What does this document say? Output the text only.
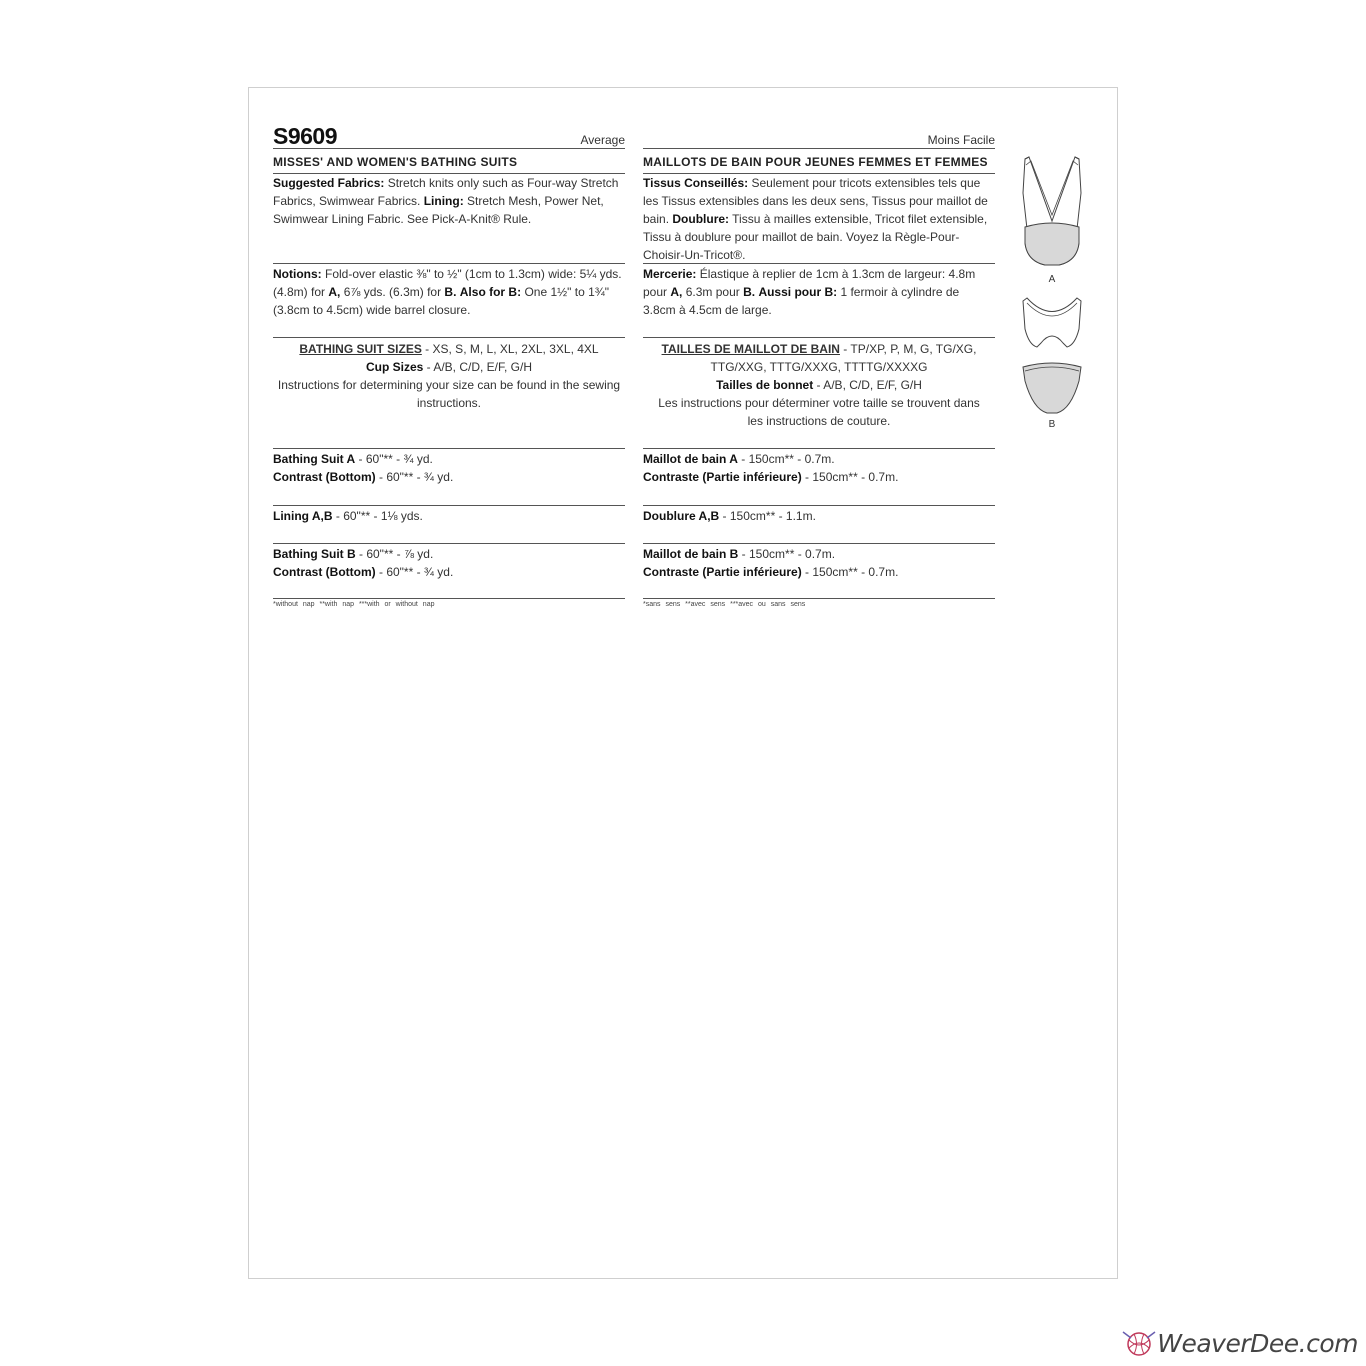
S9609	Average
MISSES' AND WOMEN'S BATHING SUITS
Suggested Fabrics: Stretch knits only such as Four-way Stretch Fabrics, Swimwear Fabrics. Lining: Stretch Mesh, Power Net, Swimwear Lining Fabric. See Pick-A-Knit® Rule.
Notions: Fold-over elastic ⅜" to ½" (1cm to 1.3cm) wide: 5¼ yds. (4.8m) for A, 6⅞ yds. (6.3m) for B. Also for B: One 1½" to 1¾" (3.8cm to 4.5cm) wide barrel closure.
BATHING SUIT SIZES - XS, S, M, L, XL, 2XL, 3XL, 4XL
Cup Sizes - A/B, C/D, E/F, G/H
Instructions for determining your size can be found in the sewing instructions.
Bathing Suit A - 60"** - ¾ yd.
Contrast (Bottom) - 60"** - ¾ yd.
Lining A,B - 60"** - 1⅛ yds.
Bathing Suit B - 60"** - ⅞ yd.
Contrast (Bottom) - 60"** - ¾ yd.
*without nap **with nap ***with or without nap
Moins Facile
MAILLOTS DE BAIN POUR JEUNES FEMMES ET FEMMES
Tissus Conseillés: Seulement pour tricots extensibles tels que les Tissus extensibles dans les deux sens, Tissus pour maillot de bain. Doublure: Tissu à mailles extensible, Tricot filet extensible, Tissu à doublure pour maillot de bain. Voyez la Règle-Pour-Choisir-Un-Tricot®.
Mercerie: Élastique à replier de 1cm à 1.3cm de largeur: 4.8m pour A, 6.3m pour B. Aussi pour B: 1 fermoir à cylindre de 3.8cm à 4.5cm de large.
TAILLES DE MAILLOT DE BAIN - TP/XP, P, M, G, TG/XG, TTG/XXG, TTTG/XXXG, TTTTG/XXXXG
Tailles de bonnet - A/B, C/D, E/F, G/H
Les instructions pour déterminer votre taille se trouvent dans les instructions de couture.
Maillot de bain A - 150cm** - 0.7m.
Contraste (Partie inférieure) - 150cm** - 0.7m.
Doublure A,B - 150cm** - 1.1m.
Maillot de bain B - 150cm** - 0.7m.
Contraste (Partie inférieure) - 150cm** - 0.7m.
*sans sens **avec sens ***avec ou sans sens
A
B
WeaverDee.com
